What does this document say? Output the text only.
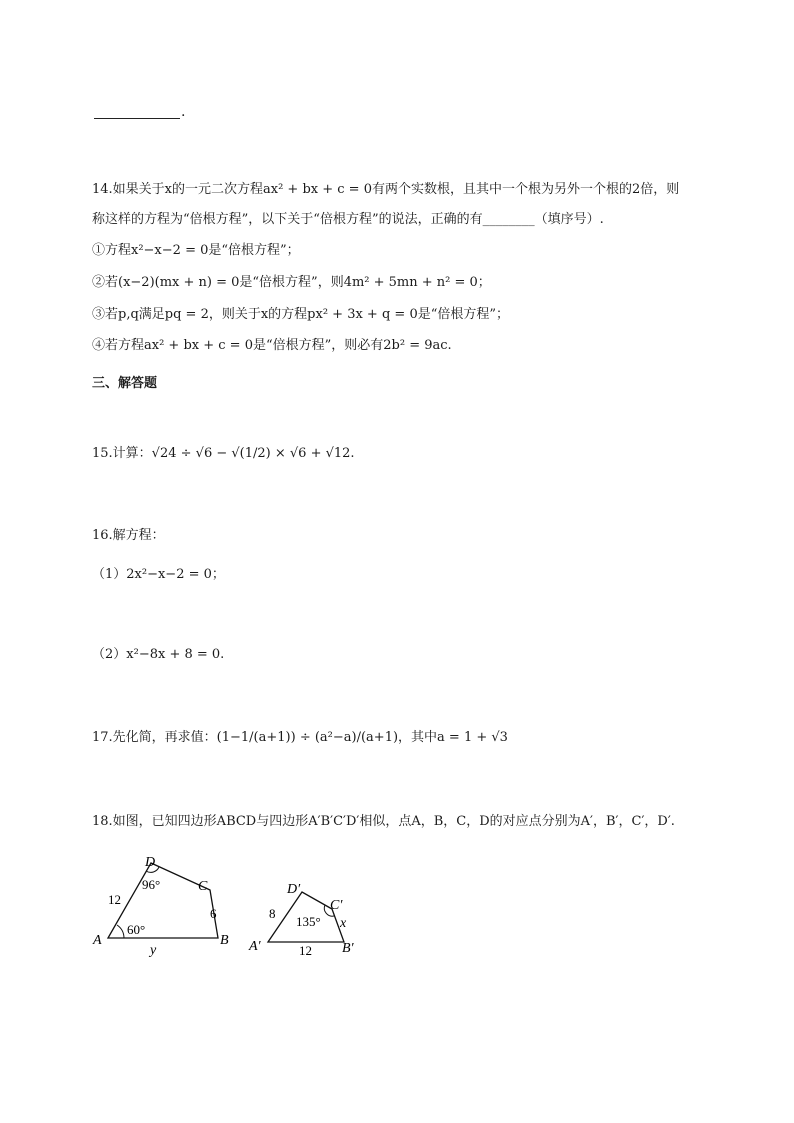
.
14.如果关于x的一元二次方程ax² + bx + c = 0有两个实数根，且其中一个根为另外一个根的2倍，则
称这样的方程为“倍根方程”，以下关于“倍根方程”的说法，正确的有________（填序号）.
①方程x²−x−2 = 0是“倍根方程”；
②若(x−2)(mx + n) = 0是“倍根方程”，则4m² + 5mn + n² = 0；
③若p,q满足pq = 2，则关于x的方程px² + 3x + q = 0是“倍根方程”；
④若方程ax² + bx + c = 0是“倍根方程”，则必有2b² = 9ac.
三、解答题
15.计算：√24 ÷ √6 − √(1/2) × √6 + √12.
16.解方程：
（1）2x²−x−2 = 0；
（2）x²−8x + 8 = 0.
17.先化简，再求值：(1−1/(a+1)) ÷ (a²−a)/(a+1)，其中a = 1 + √3
18.如图，已知四边形ABCD与四边形A′B′C′D′相似，点A，B，C，D的对应点分别为A′，B′，C′，D′.
A	B
C
D
12
6
y
60°
96°
A′	B′
C′
D′
8
x
12
135°
